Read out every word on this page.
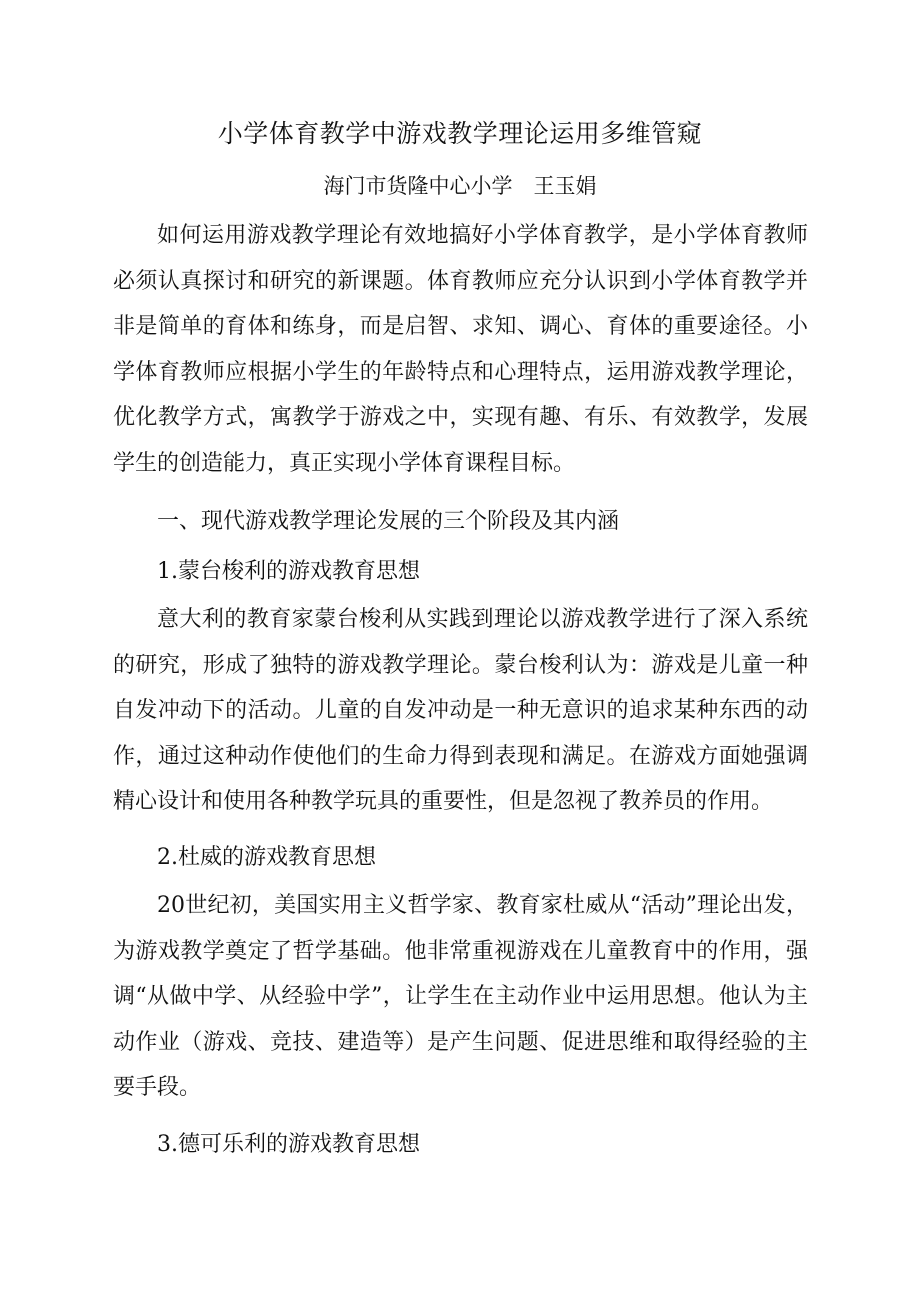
小学体育教学中游戏教学理论运用多维管窥
海门市货隆中心小学　王玉娟

如何运用游戏教学理论有效地搞好小学体育教学，是小学体育教师必须认真探讨和研究的新课题。体育教师应充分认识到小学体育教学并非是简单的育体和练身，而是启智、求知、调心、育体的重要途径。小学体育教师应根据小学生的年龄特点和心理特点，运用游戏教学理论，优化教学方式，寓教学于游戏之中，实现有趣、有乐、有效教学，发展学生的创造能力，真正实现小学体育课程目标。

一、现代游戏教学理论发展的三个阶段及其内涵
1.蒙台梭利的游戏教育思想

意大利的教育家蒙台梭利从实践到理论以游戏教学进行了深入系统的研究，形成了独特的游戏教学理论。蒙台梭利认为：游戏是儿童一种自发冲动下的活动。儿童的自发冲动是一种无意识的追求某种东西的动作，通过这种动作使他们的生命力得到表现和满足。在游戏方面她强调精心设计和使用各种教学玩具的重要性，但是忽视了教养员的作用。

2.杜威的游戏教育思想

20世纪初，美国实用主义哲学家、教育家杜威从“活动”理论出发，为游戏教学奠定了哲学基础。他非常重视游戏在儿童教育中的作用，强调“从做中学、从经验中学”，让学生在主动作业中运用思想。他认为主动作业（游戏、竞技、建造等）是产生问题、促进思维和取得经验的主要手段。

3.德可乐利的游戏教育思想
